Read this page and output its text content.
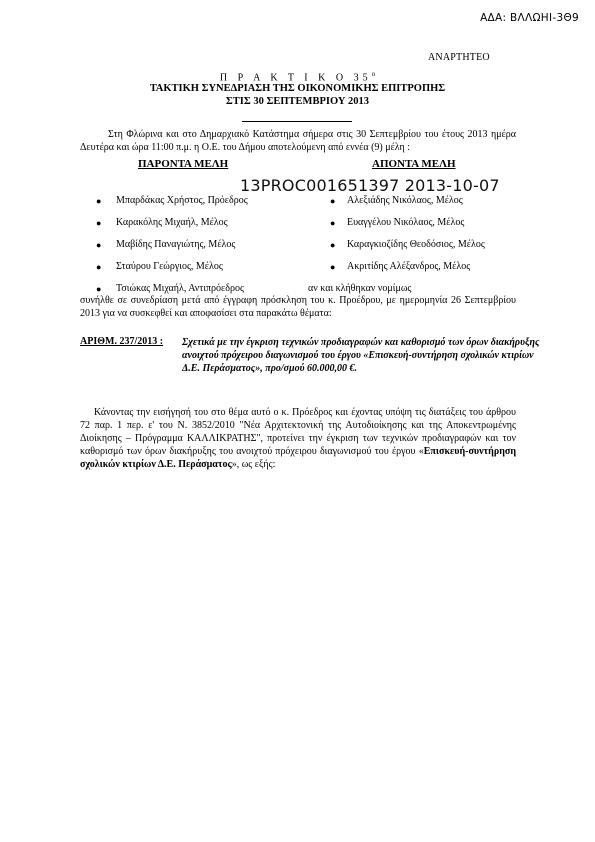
ΑΔΑ: ΒΛΛΩΗΙ-3Θ9
ΑΝΑΡΤΗΤΕΟ
Π Ρ Α Κ Τ Ι Κ Ο $35^o$
ΤΑΚΤΙΚΗ ΣΥΝΕΔΡΙΑΣΗ ΤΗΣ ΟΙΚΟΝΟΜΙΚΗΣ ΕΠΙΤΡΟΠΗΣ
ΣΤΙΣ 30 ΣΕΠΤΕΜΒΡΙΟΥ 2013
Στη Φλώρινα και στο Δημαρχιακό Κατάστημα σήμερα στις 30 Σεπτεμβρίου του έτους 2013 ημέρα Δευτέρα και ώρα 11:00 π.μ. η Ο.Ε. του Δήμου αποτελούμενη από εννέα (9) μέλη :
ΠΑΡΟΝΤΑ ΜΕΛΗ	ΑΠΟΝΤΑ ΜΕΛΗ
● Μπαρδάκας Χρήστος, Πρόεδρος
● Καρακόλης Μιχαήλ, Μέλος
● Μαβίδης Παναγιώτης, Μέλος
● Σταύρου Γεώργιος, Μέλος
● Τσιώκας Μιχαήλ, Αντιπρόεδρος
● Αλεξιάδης Νικόλαος, Μέλος
● Ευαγγέλου Νικόλαος, Μέλος
● Καραγκιοζίδης Θεοδόσιος, Μέλος
● Ακριτίδης Αλέξανδρος, Μέλος
αν και κλήθηκαν νομίμως
13PROC001651397 2013-10-07
συνήλθε σε συνεδρίαση μετά από έγγραφη πρόσκληση του κ. Προέδρου, με ημερομηνία 26 Σεπτεμβρίου 2013 για να συσκεφθεί και αποφασίσει στα παρακάτω θέματα:
ΑΡΙΘΜ. 237/2013 : Σχετικά με την έγκριση τεχνικών προδιαγραφών και καθορισμό των όρων διακήρυξης ανοιχτού πρόχειρου διαγωνισμού του έργου «Επισκευή-συντήρηση σχολικών κτιρίων Δ.Ε. Περάσματος», προ/σμού 60.000,00 €.
Κάνοντας την εισήγησή του στο θέμα αυτό ο κ. Πρόεδρος και έχοντας υπόψη τις διατάξεις του άρθρου 72 παρ. 1 περ. ε' του Ν. 3852/2010 "Νέα Αρχιτεκτονική της Αυτοδιοίκησης και της Αποκεντρωμένης Διοίκησης – Πρόγραμμα ΚΑΛΛΙΚΡΑΤΗΣ", προτείνει την έγκριση των τεχνικών προδιαγραφών και τον καθορισμό των όρων διακήρυξης του ανοιχτού πρόχειρου διαγωνισμού του έργου «Επισκευή-συντήρηση σχολικών κτιρίων Δ.Ε. Περάσματος», ως εξής:
